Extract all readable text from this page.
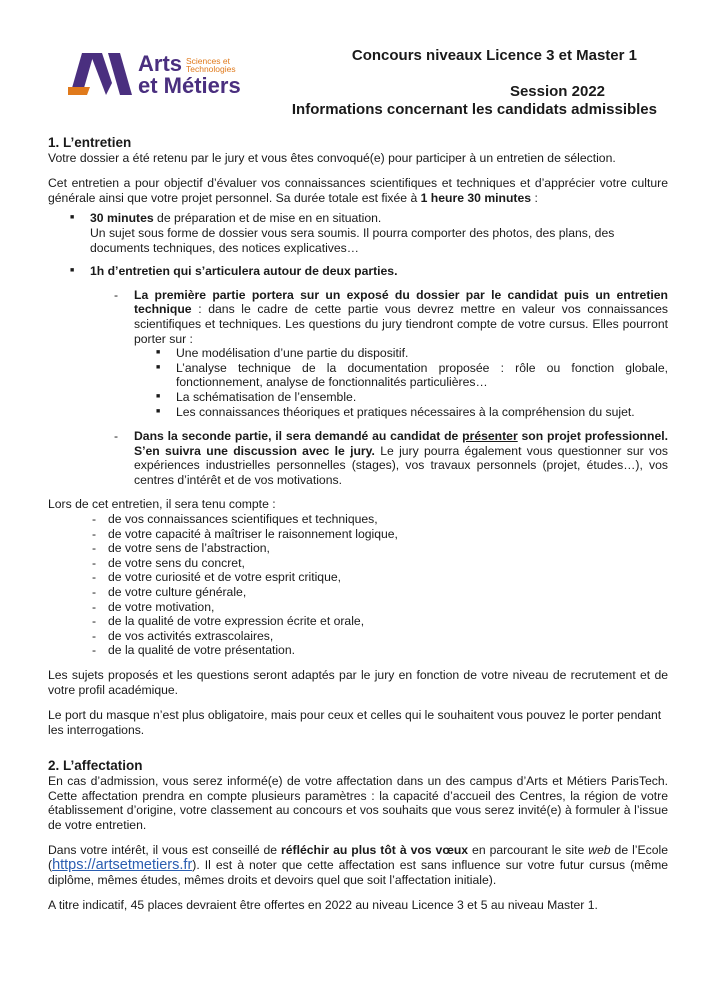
Arts Sciences et
Technologies
et Métiers
Concours niveaux Licence 3 et Master 1
Session 2022
Informations concernant les candidats admissibles
1. L’entretien

Votre dossier a été retenu par le jury et vous êtes convoqué(e) pour participer à un entretien de sélection.

Cet entretien a pour objectif d’évaluer vos connaissances scientifiques et techniques et d’apprécier votre culture générale ainsi que votre projet personnel. Sa durée totale est fixée à 1 heure 30 minutes :

■ 30 minutes de préparation et de mise en en situation.
Un sujet sous forme de dossier vous sera soumis. Il pourra comporter des photos, des plans, des documents techniques, des notices explicatives…
■ 1h d’entretien qui s’articulera autour de deux parties.
- La première partie portera sur un exposé du dossier par le candidat puis un entretien technique : dans le cadre de cette partie vous devrez mettre en valeur vos connaissances scientifiques et techniques. Les questions du jury tiendront compte de votre cursus. Elles pourront porter sur :
■ Une modélisation d’une partie du dispositif.
■ L’analyse technique de la documentation proposée : rôle ou fonction globale, fonctionnement, analyse de fonctionnalités particulières…
■ La schématisation de l’ensemble.
■ Les connaissances théoriques et pratiques nécessaires à la compréhension du sujet.
- Dans la seconde partie, il sera demandé au candidat de présenter son projet professionnel. S’en suivra une discussion avec le jury. Le jury pourra également vous questionner sur vos expériences industrielles personnelles (stages), vos travaux personnels (projet, études…), vos centres d’intérêt et de vos motivations.

Lors de cet entretien, il sera tenu compte :

- de vos connaissances scientifiques et techniques,
- de votre capacité à maîtriser le raisonnement logique,
- de votre sens de l’abstraction,
- de votre sens du concret,
- de votre curiosité et de votre esprit critique,
- de votre culture générale,
- de votre motivation,
- de la qualité de votre expression écrite et orale,
- de vos activités extrascolaires,
- de la qualité de votre présentation.

Les sujets proposés et les questions seront adaptés par le jury en fonction de votre niveau de recrutement et de votre profil académique.

Le port du masque n’est plus obligatoire, mais pour ceux et celles qui le souhaitent vous pouvez le porter pendant les interrogations.

2. L’affectation

En cas d’admission, vous serez informé(e) de votre affectation dans un des campus d’Arts et Métiers ParisTech. Cette affectation prendra en compte plusieurs paramètres : la capacité d’accueil des Centres, la région de votre établissement d’origine, votre classement au concours et vos souhaits que vous serez invité(e) à formuler à l’issue de votre entretien.

Dans votre intérêt, il vous est conseillé de réfléchir au plus tôt à vos vœux en parcourant le site web de l’Ecole (https://artsetmetiers.fr). Il est à noter que cette affectation est sans influence sur votre futur cursus (même diplôme, mêmes études, mêmes droits et devoirs quel que soit l’affectation initiale).

A titre indicatif, 45 places devraient être offertes en 2022 au niveau Licence 3 et 5 au niveau Master 1.
